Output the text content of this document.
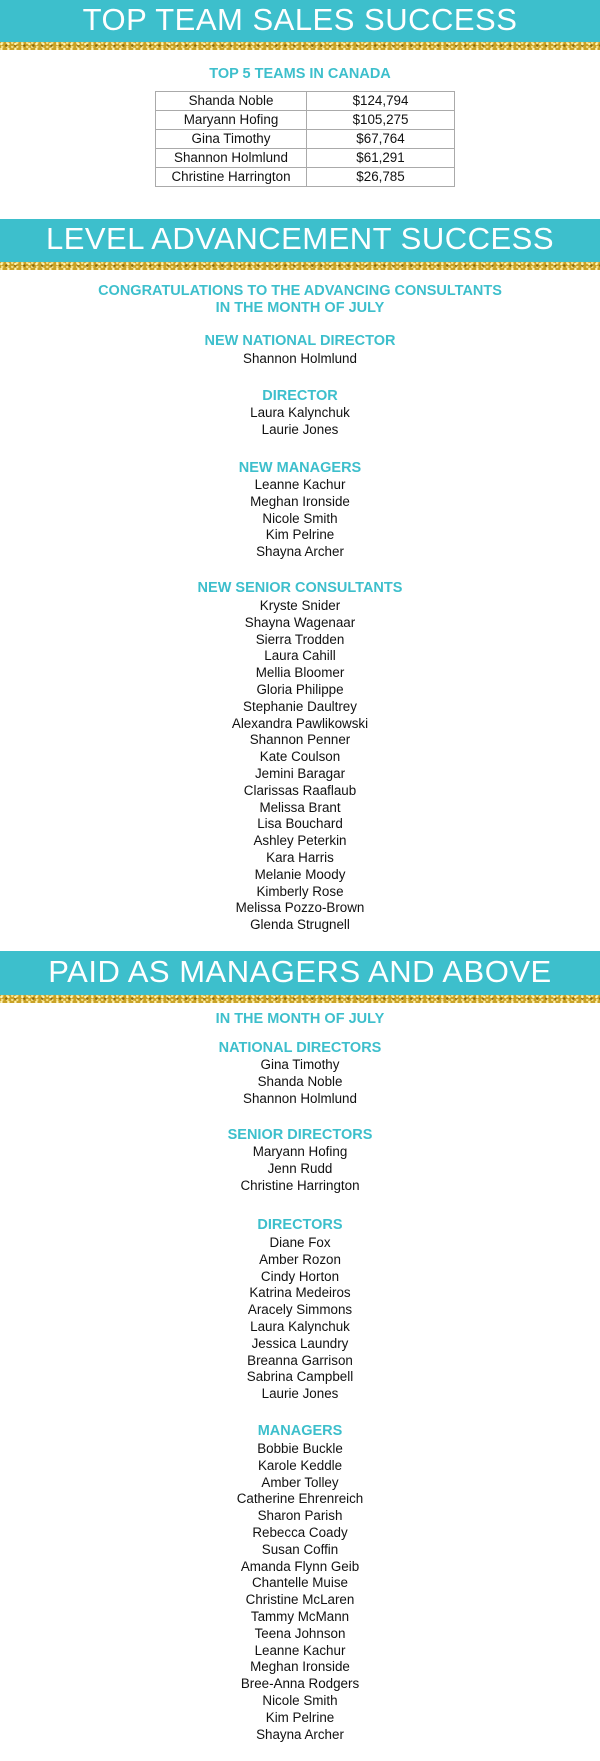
TOP TEAM SALES SUCCESS
TOP 5 TEAMS IN CANADA
Shanda Noble	$124,794
Maryann Hofing	$105,275
Gina Timothy	$67,764
Shannon Holmlund	$61,291
Christine Harrington	$26,785
LEVEL ADVANCEMENT SUCCESS
CONGRATULATIONS TO THE ADVANCING CONSULTANTS
IN THE MONTH OF JULY
NEW NATIONAL DIRECTOR
Shannon Holmlund
DIRECTOR
Laura Kalynchuk
Laurie Jones
NEW MANAGERS
Leanne Kachur
Meghan Ironside
Nicole Smith
Kim Pelrine
Shayna Archer
NEW SENIOR CONSULTANTS
Kryste Snider
Shayna Wagenaar
Sierra Trodden
Laura Cahill
Mellia Bloomer
Gloria Philippe
Stephanie Daultrey
Alexandra Pawlikowski
Shannon Penner
Kate Coulson
Jemini Baragar
Clarissas Raaflaub
Melissa Brant
Lisa Bouchard
Ashley Peterkin
Kara Harris
Melanie Moody
Kimberly Rose
Melissa Pozzo-Brown
Glenda Strugnell
PAID AS MANAGERS AND ABOVE
IN THE MONTH OF JULY
NATIONAL DIRECTORS
Gina Timothy
Shanda Noble
Shannon Holmlund
SENIOR DIRECTORS
Maryann Hofing
Jenn Rudd
Christine Harrington
DIRECTORS
Diane Fox
Amber Rozon
Cindy Horton
Katrina Medeiros
Aracely Simmons
Laura Kalynchuk
Jessica Laundry
Breanna Garrison
Sabrina Campbell
Laurie Jones
MANAGERS
Bobbie Buckle
Karole Keddle
Amber Tolley
Catherine Ehrenreich
Sharon Parish
Rebecca Coady
Susan Coffin
Amanda Flynn Geib
Chantelle Muise
Christine McLaren
Tammy McMann
Teena Johnson
Leanne Kachur
Meghan Ironside
Bree-Anna Rodgers
Nicole Smith
Kim Pelrine
Shayna Archer
